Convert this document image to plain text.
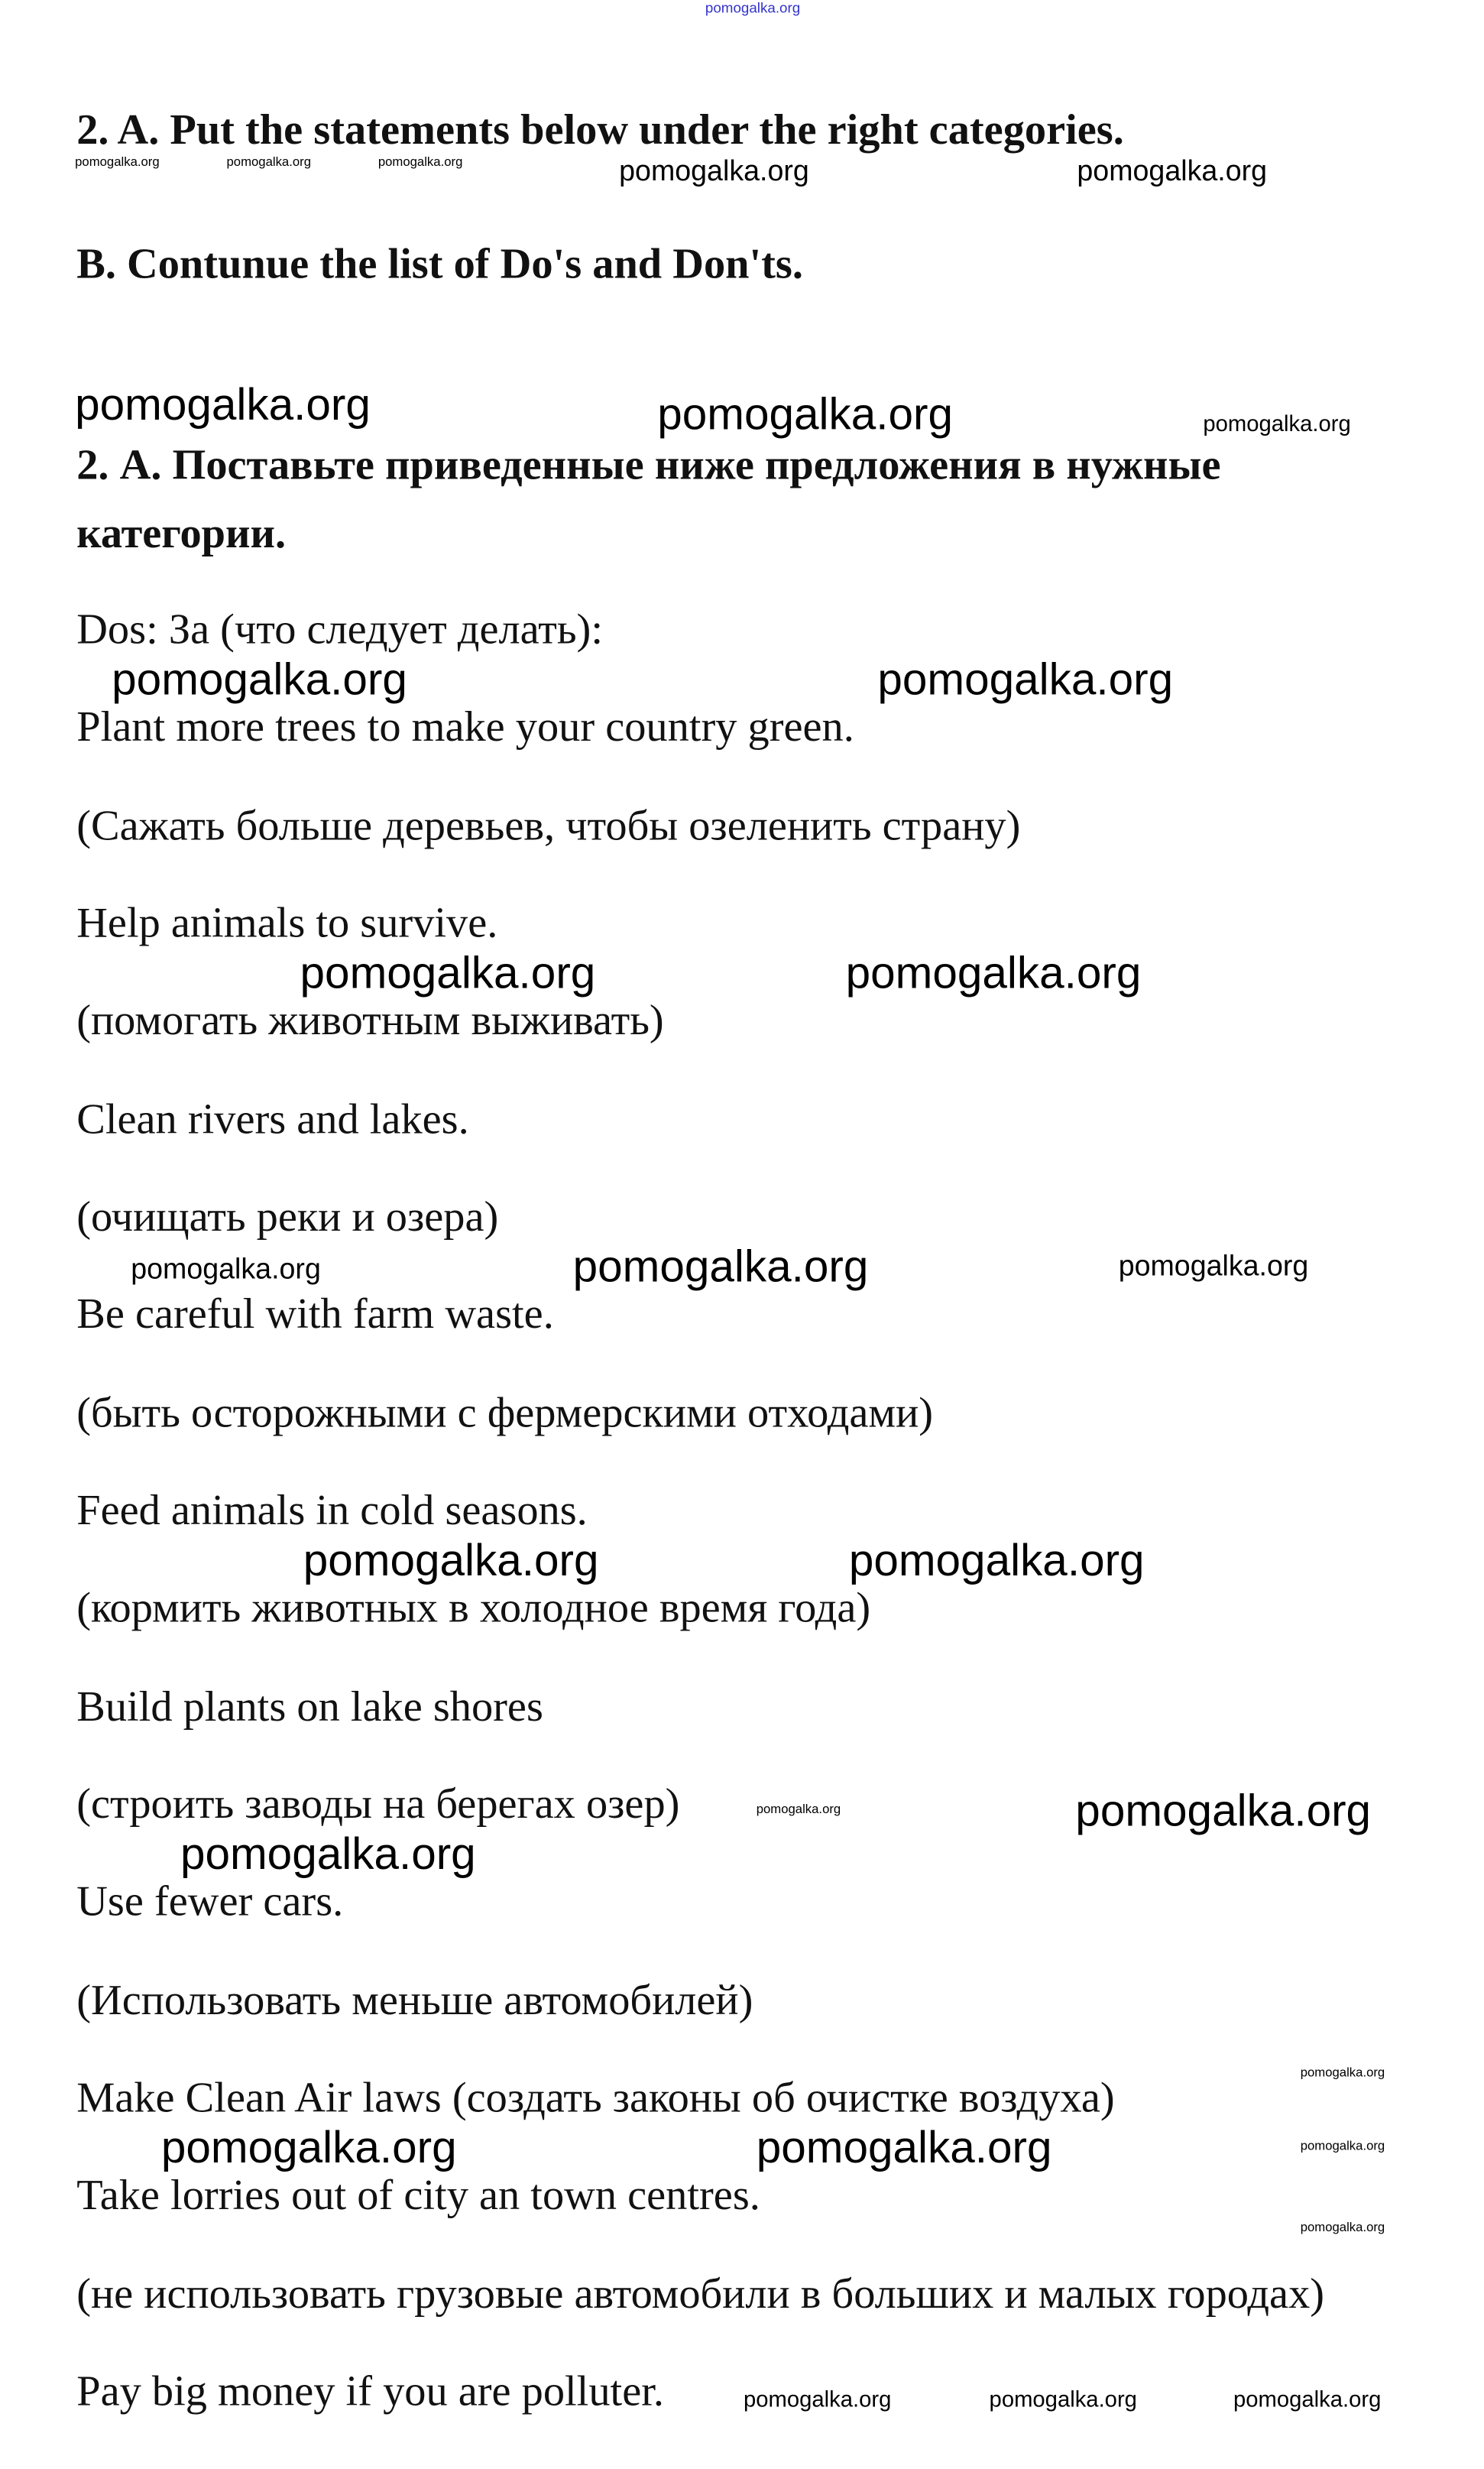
pomogalka.org
2. A. Put the statements below under the right categories.
B. Contunue the list of Do's and Don'ts.
2. А. Поставьте приведенные ниже предложения в нужные
категории.
Dos: За (что следует делать):
Plant more trees to make your country green.
(Сажать больше деревьев, чтобы озеленить страну)
Help animals to survive.
(помогать животным выживать)
Clean rivers and lakes.
(очищать реки и озера)
Be careful with farm waste.
(быть осторожными с фермерскими отходами)
Feed animals in cold seasons.
(кормить животных в холодное время года)
Build plants on lake shores
(строить заводы на берегах озер)
Use fewer cars.
(Использовать меньше автомобилей)
Make Clean Air laws (создать законы об очистке воздуха)
Take lorries out of city an town centres.
(не использовать грузовые автомобили в больших и малых городах)
Pay big money if you are polluter.
pomogalka.org	pomogalka.org	pomogalka.org	pomogalka.org	pomogalka.org
pomogalka.org	pomogalka.org	pomogalka.org
pomogalka.org	pomogalka.org
pomogalka.org	pomogalka.org
pomogalka.org
pomogalka.org	pomogalka.org
pomogalka.org	pomogalka.org
pomogalka.org	pomogalka.org
pomogalka.org
pomogalka.org
pomogalka.org	pomogalka.org	pomogalka.org
pomogalka.org
pomogalka.org	pomogalka.org	pomogalka.org
